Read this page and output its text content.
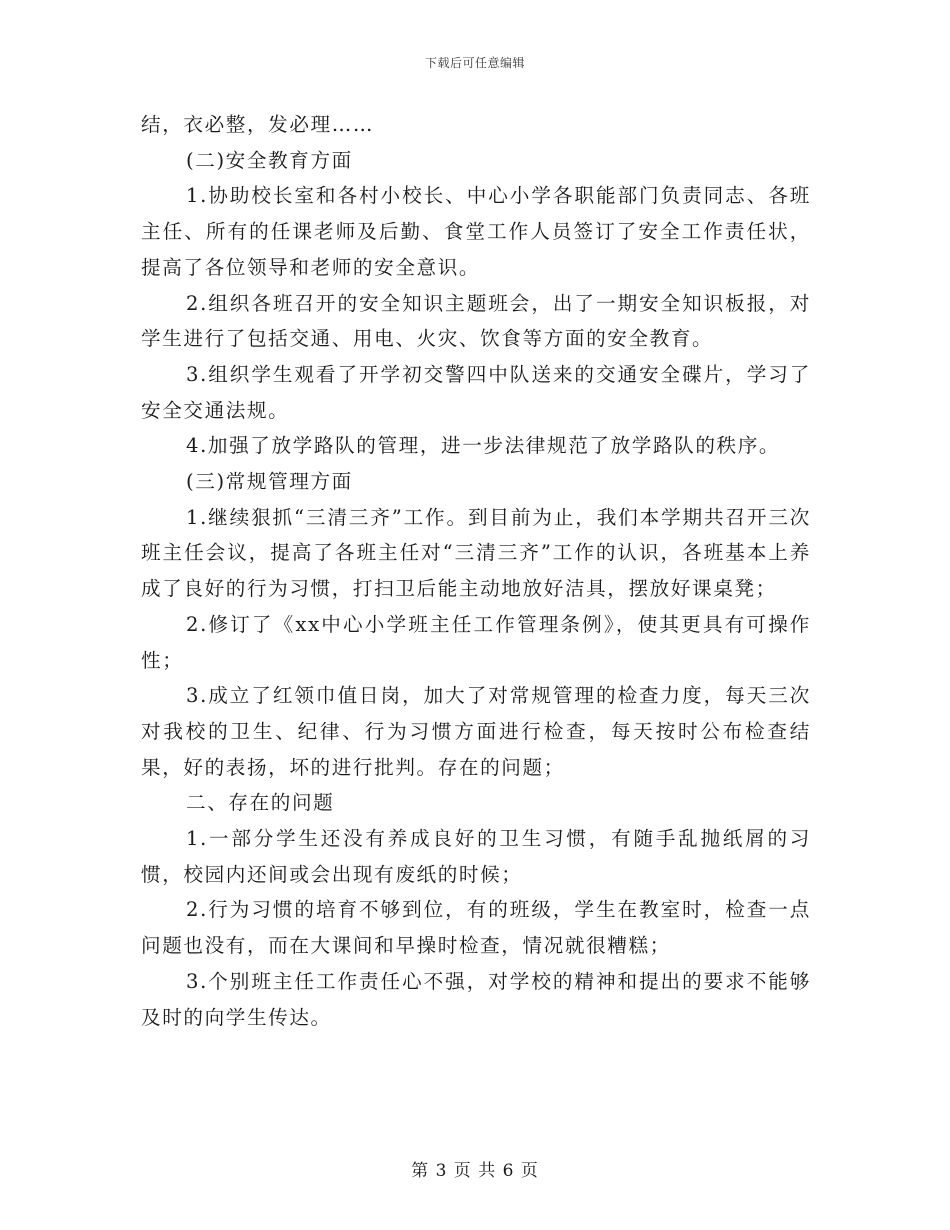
下载后可任意编辑

结，衣必整，发必理……

(二)安全教育方面

1.协助校长室和各村小校长、中心小学各职能部门负责同志、各班主任、所有的任课老师及后勤、食堂工作人员签订了安全工作责任状，提高了各位领导和老师的安全意识。

2.组织各班召开的安全知识主题班会，出了一期安全知识板报，对学生进行了包括交通、用电、火灾、饮食等方面的安全教育。

3.组织学生观看了开学初交警四中队送来的交通安全碟片，学习了安全交通法规。

4.加强了放学路队的管理，进一步法律规范了放学路队的秩序。

(三)常规管理方面

1.继续狠抓“三清三齐”工作。到目前为止，我们本学期共召开三次班主任会议，提高了各班主任对“三清三齐”工作的认识，各班基本上养成了良好的行为习惯，打扫卫后能主动地放好洁具，摆放好课桌凳；

2.修订了《xx中心小学班主任工作管理条例》，使其更具有可操作性；

3.成立了红领巾值日岗，加大了对常规管理的检查力度，每天三次对我校的卫生、纪律、行为习惯方面进行检查，每天按时公布检查结果，好的表扬，坏的进行批判。存在的问题；

二、存在的问题

1.一部分学生还没有养成良好的卫生习惯，有随手乱抛纸屑的习惯，校园内还间或会出现有废纸的时候；

2.行为习惯的培育不够到位，有的班级，学生在教室时，检查一点问题也没有，而在大课间和早操时检查，情况就很糟糕；

3.个别班主任工作责任心不强，对学校的精神和提出的要求不能够及时的向学生传达。

第 3 页 共 6 页
